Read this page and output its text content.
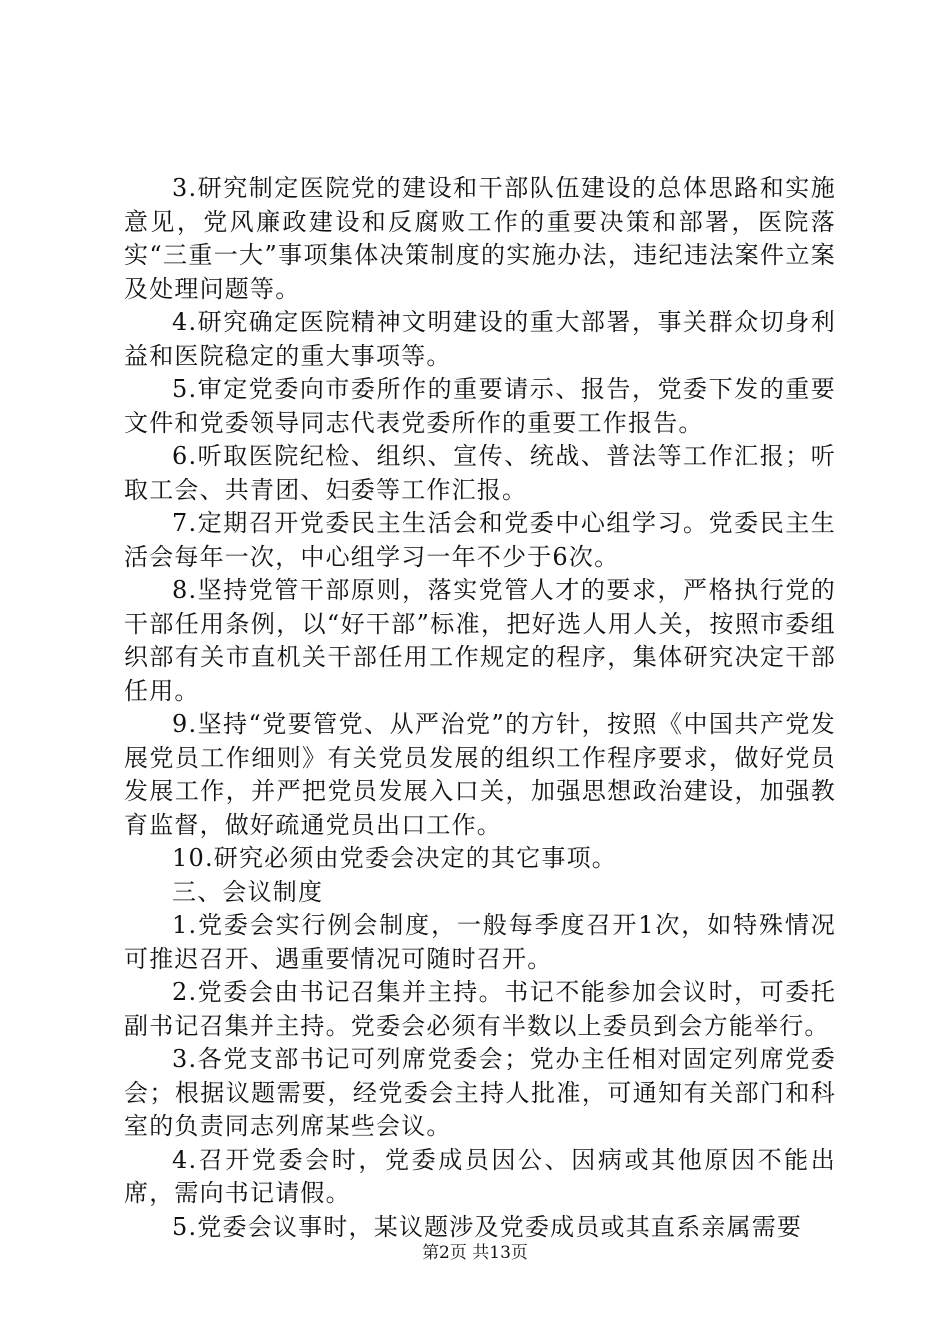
3.研究制定医院党的建设和干部队伍建设的总体思路和实施意见，党风廉政建设和反腐败工作的重要决策和部署，医院落实“三重一大”事项集体决策制度的实施办法，违纪违法案件立案及处理问题等。

4.研究确定医院精神文明建设的重大部署，事关群众切身利益和医院稳定的重大事项等。

5.审定党委向市委所作的重要请示、报告，党委下发的重要文件和党委领导同志代表党委所作的重要工作报告。

6.听取医院纪检、组织、宣传、统战、普法等工作汇报；听取工会、共青团、妇委等工作汇报。

7.定期召开党委民主生活会和党委中心组学习。党委民主生活会每年一次，中心组学习一年不少于6次。

8.坚持党管干部原则，落实党管人才的要求，严格执行党的干部任用条例，以“好干部”标准，把好选人用人关，按照市委组织部有关市直机关干部任用工作规定的程序，集体研究决定干部任用。

9.坚持“党要管党、从严治党”的方针，按照《中国共产党发展党员工作细则》有关党员发展的组织工作程序要求，做好党员发展工作，并严把党员发展入口关，加强思想政治建设，加强教育监督，做好疏通党员出口工作。

10.研究必须由党委会决定的其它事项。

三、会议制度

1.党委会实行例会制度，一般每季度召开1次，如特殊情况可推迟召开、遇重要情况可随时召开。

2.党委会由书记召集并主持。书记不能参加会议时，可委托副书记召集并主持。党委会必须有半数以上委员到会方能举行。

3.各党支部书记可列席党委会；党办主任相对固定列席党委会；根据议题需要，经党委会主持人批准，可通知有关部门和科室的负责同志列席某些会议。

4.召开党委会时，党委成员因公、因病或其他原因不能出席，需向书记请假。

5.党委会议事时，某议题涉及党委成员或其直系亲属需要

第2页 共13页
